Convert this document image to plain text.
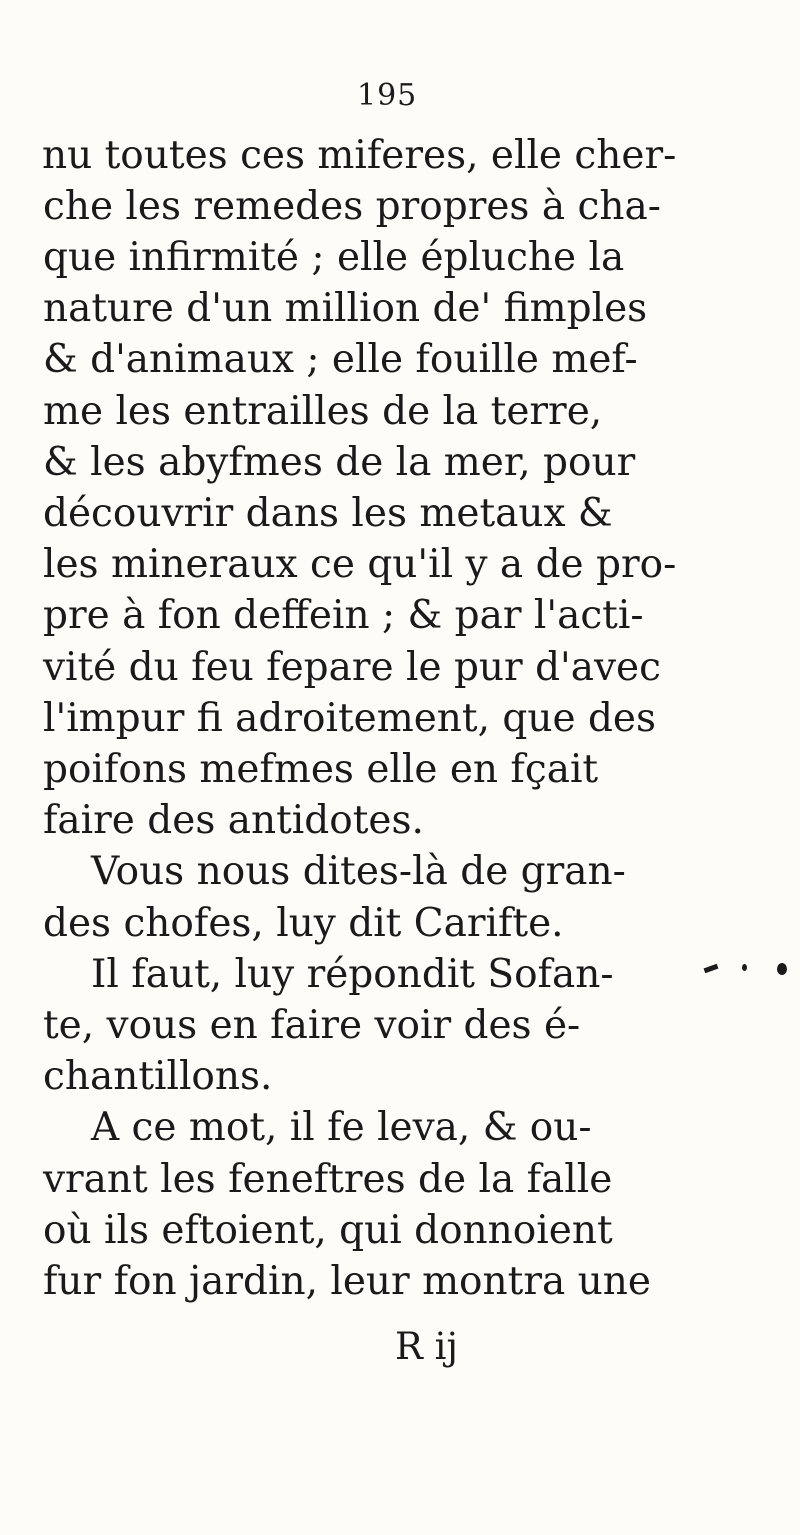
195
nu toutes ces miferes, elle cher-
che les remedes propres à cha-
que infirmité ; elle épluche la
nature d'un million de' fimples
& d'animaux ; elle fouille mef-
me les entrailles de la terre,
& les abyfmes de la mer, pour
découvrir dans les metaux &
les mineraux ce qu'il y a de pro-
pre à fon deffein ; & par l'acti-
vité du feu fepare le pur d'avec
l'impur fi adroitement, que des
poifons mefmes elle en fçait
faire des antidotes.
Vous nous dites-là de gran-
des chofes, luy dit Carifte.
Il faut, luy répondit Sofan-
te, vous en faire voir des é-
chantillons.
A ce mot, il fe leva, & ou-
vrant les feneftres de la falle
où ils eftoient, qui donnoient
fur fon jardin, leur montra une
R ij
